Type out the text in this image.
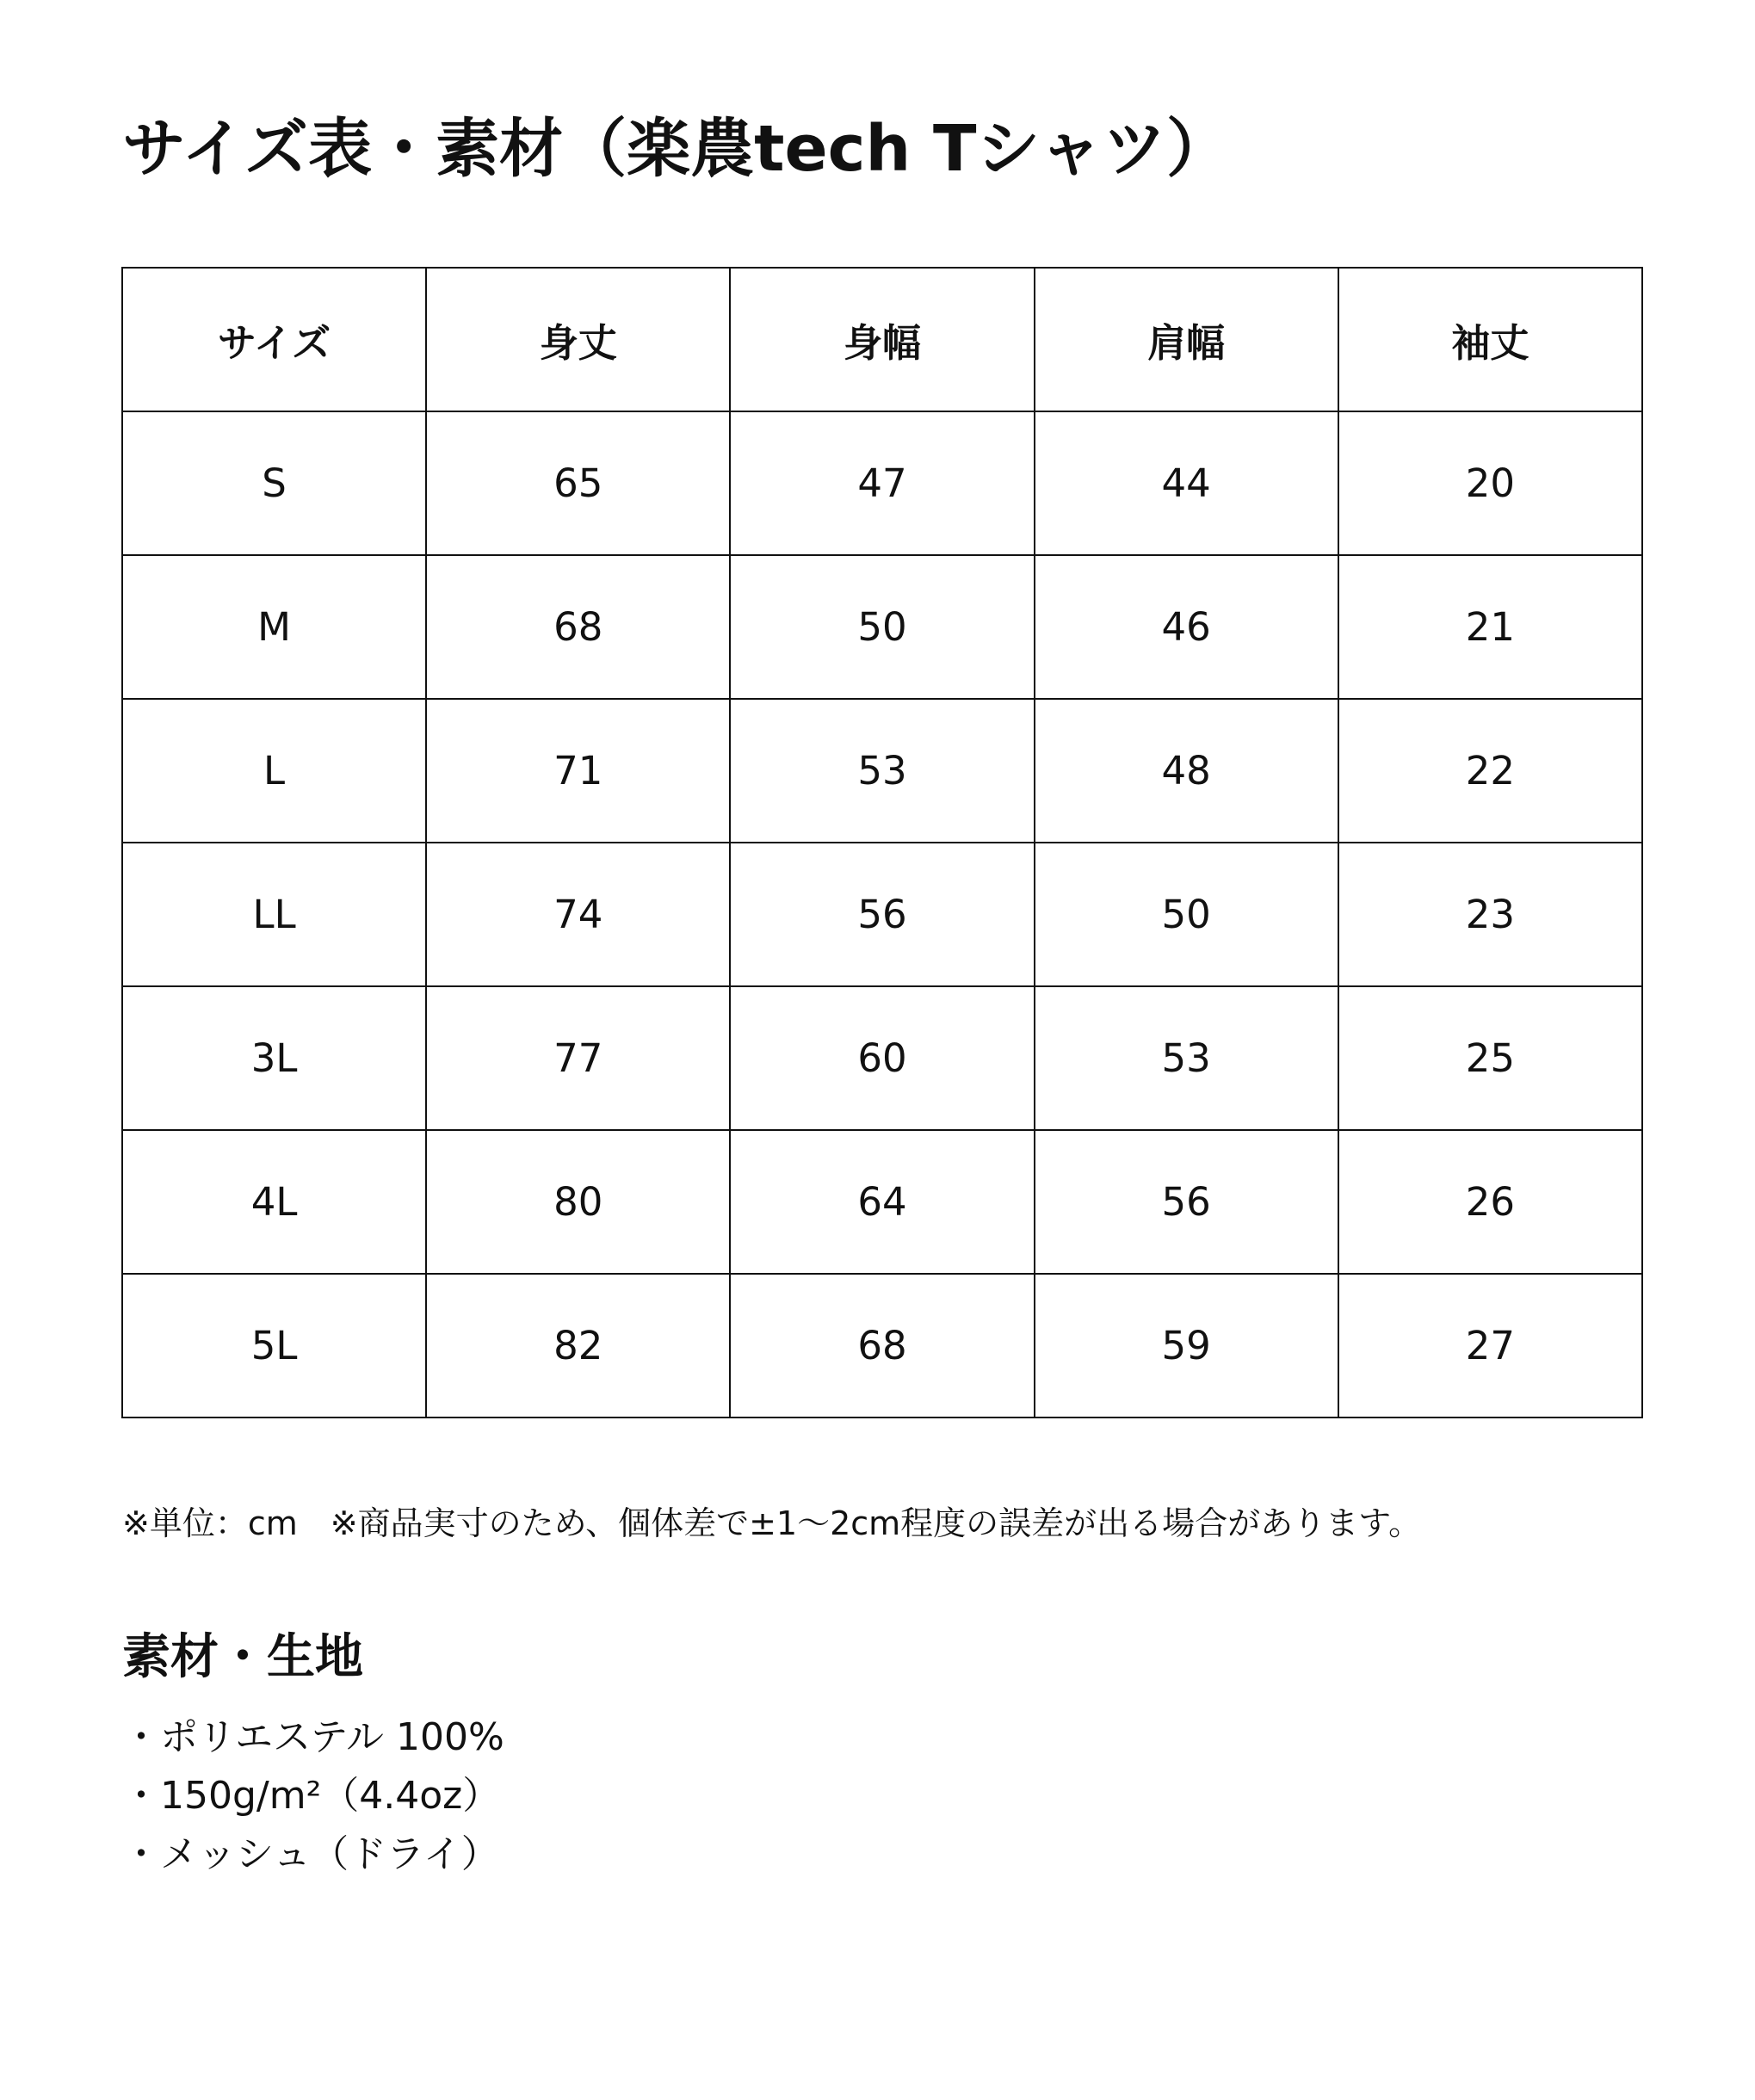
サイズ表・素材（楽農tech Tシャツ）
サイズ	身丈	身幅	肩幅	袖丈
S	65	47	44	20
M	68	50	46	21
L	71	53	48	22
LL	74	56	50	23
3L	77	60	53	25
4L	80	64	56	26
5L	82	68	59	27
※単位：cm　※商品実寸のため、個体差で±1〜2cm程度の誤差が出る場合があります。
素材・生地
・ポリエステル 100%
・150g/m²（4.4oz）
・メッシュ（ドライ）
